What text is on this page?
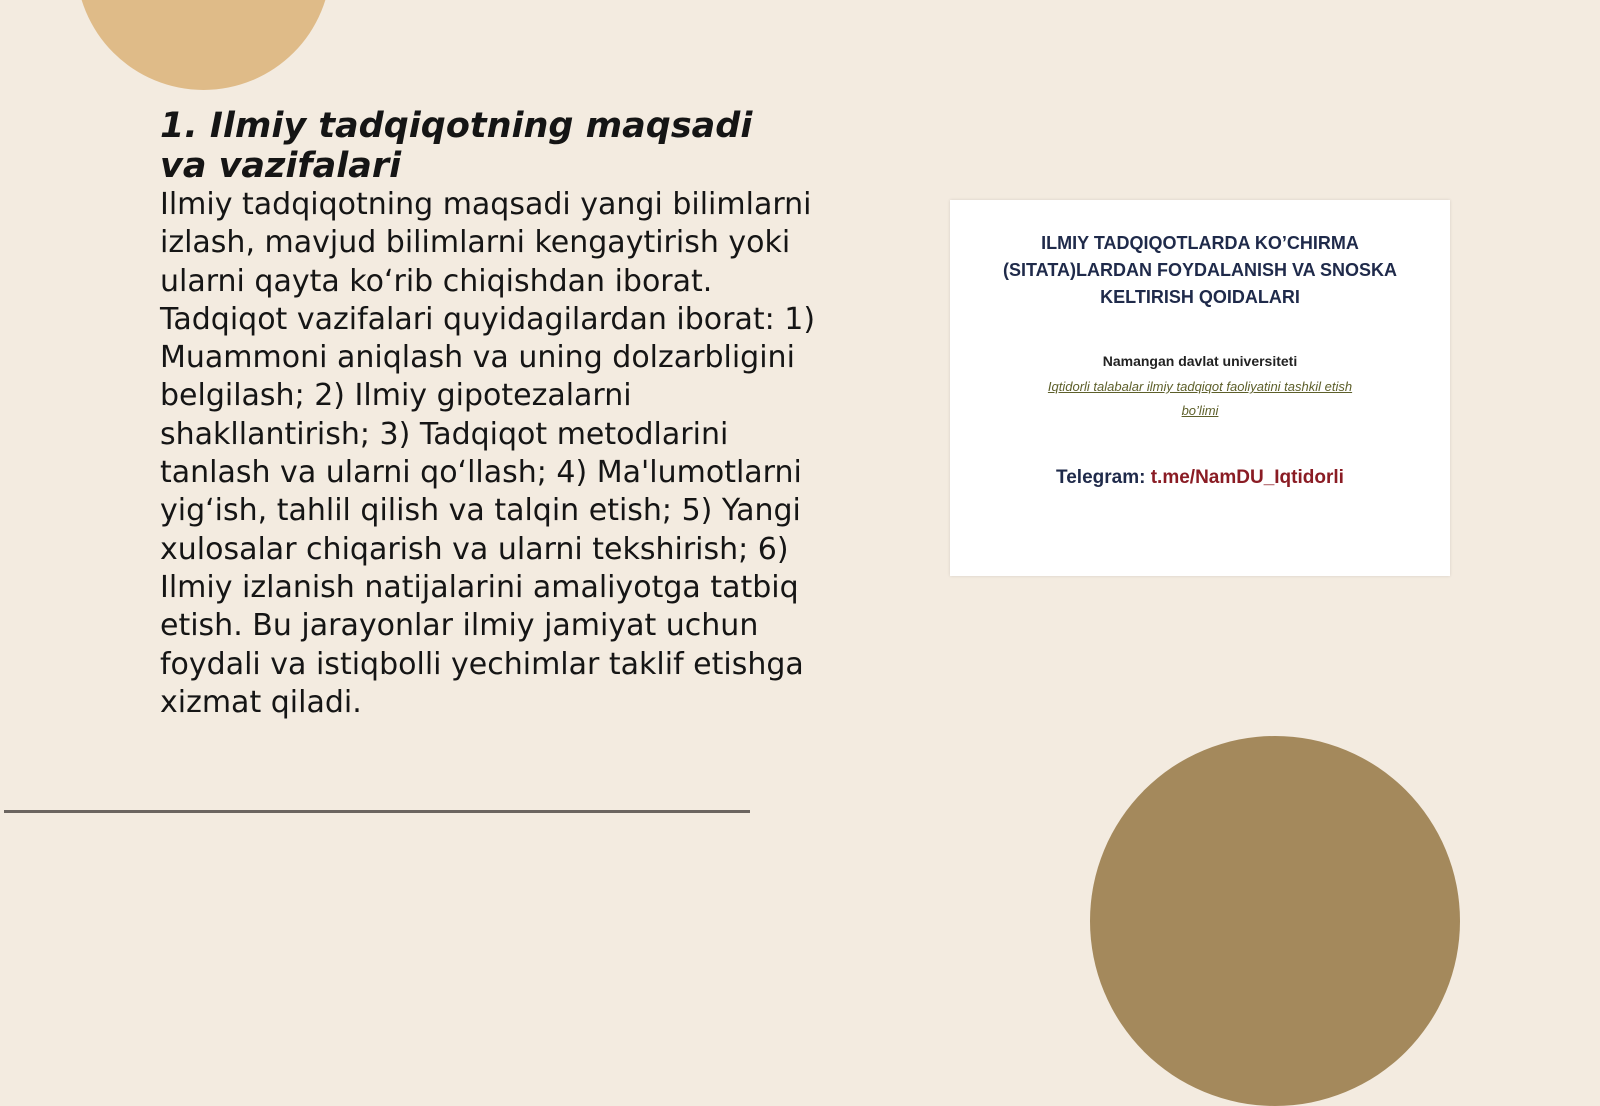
1. Ilmiy tadqiqotning maqsadi va vazifalari

Ilmiy tadqiqotning maqsadi yangi bilimlarni izlash, mavjud bilimlarni kengaytirish yoki ularni qayta ko‘rib chiqishdan iborat. Tadqiqot vazifalari quyidagilardan iborat: 1) Muammoni aniqlash va uning dolzarbligini belgilash; 2) Ilmiy gipotezalarni shakllantirish; 3) Tadqiqot metodlarini tanlash va ularni qo‘llash; 4) Ma'lumotlarni yig‘ish, tahlil qilish va talqin etish; 5) Yangi xulosalar chiqarish va ularni tekshirish; 6) Ilmiy izlanish natijalarini amaliyotga tatbiq etish. Bu jarayonlar ilmiy jamiyat uchun foydali va istiqbolli yechimlar taklif etishga xizmat qiladi.

ILMIY TADQIQOTLARDA KO’CHIRMA (SITATA)LARDAN FOYDALANISH VA SNOSKA KELTIRISH QOIDALARI
Namangan davlat universiteti
Iqtidorli talabalar ilmiy tadqiqot faoliyatini tashkil etish bo’limi
Telegram: t.me/NamDU_Iqtidorli
